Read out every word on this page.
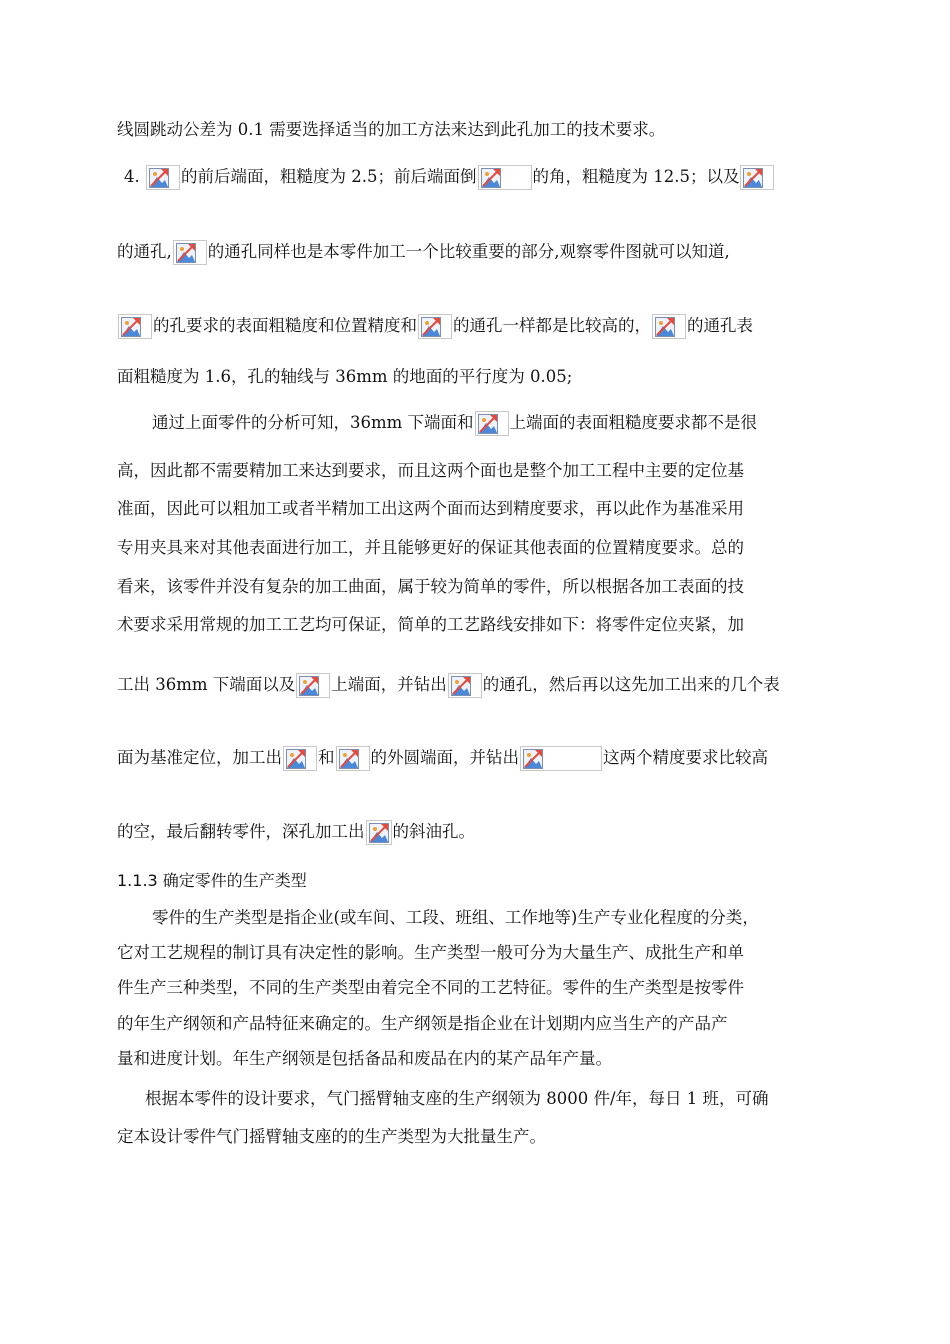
线圆跳动公差为 0.1 需要选择适当的加工方法来达到此孔加工的技术要求。
4.
的前后端面，粗糙度为 2.5；前后端面倒	的角，粗糙度为 12.5；以及
的通孔, 的通孔同样也是本零件加工一个比较重要的部分,观察零件图就可以知道,
的孔要求的表面粗糙度和位置精度和 的通孔一样都是比较高的， 的通孔表
面粗糙度为 1.6，孔的轴线与 36mm 的地面的平行度为 0.05;
通过上面零件的分析可知，36mm 下端面和 上端面的表面粗糙度要求都不是很
高，因此都不需要精加工来达到要求，而且这两个面也是整个加工工程中主要的定位基
准面，因此可以粗加工或者半精加工出这两个面而达到精度要求，再以此作为基准采用
专用夹具来对其他表面进行加工，并且能够更好的保证其他表面的位置精度要求。总的
看来，该零件并没有复杂的加工曲面，属于较为简单的零件，所以根据各加工表面的技
术要求采用常规的加工工艺均可保证，简单的工艺路线安排如下：将零件定位夹紧，加
工出 36mm 下端面以及 上端面，并钻出 的通孔，然后再以这先加工出来的几个表
面为基准定位，加工出 和 的外圆端面，并钻出	这两个精度要求比较高
的空，最后翻转零件，深孔加工出 的斜油孔。
1.1.3 确定零件的生产类型
零件的生产类型是指企业(或车间、工段、班组、工作地等)生产专业化程度的分类，
它对工艺规程的制订具有决定性的影响。生产类型一般可分为大量生产、成批生产和单
件生产三种类型，不同的生产类型由着完全不同的工艺特征。零件的生产类型是按零件
的年生产纲领和产品特征来确定的。生产纲领是指企业在计划期内应当生产的产品产
量和进度计划。年生产纲领是包括备品和废品在内的某产品年产量。
根据本零件的设计要求，气门摇臂轴支座的生产纲领为 8000 件/年，每日 1 班，可确
定本设计零件气门摇臂轴支座的的生产类型为大批量生产。
